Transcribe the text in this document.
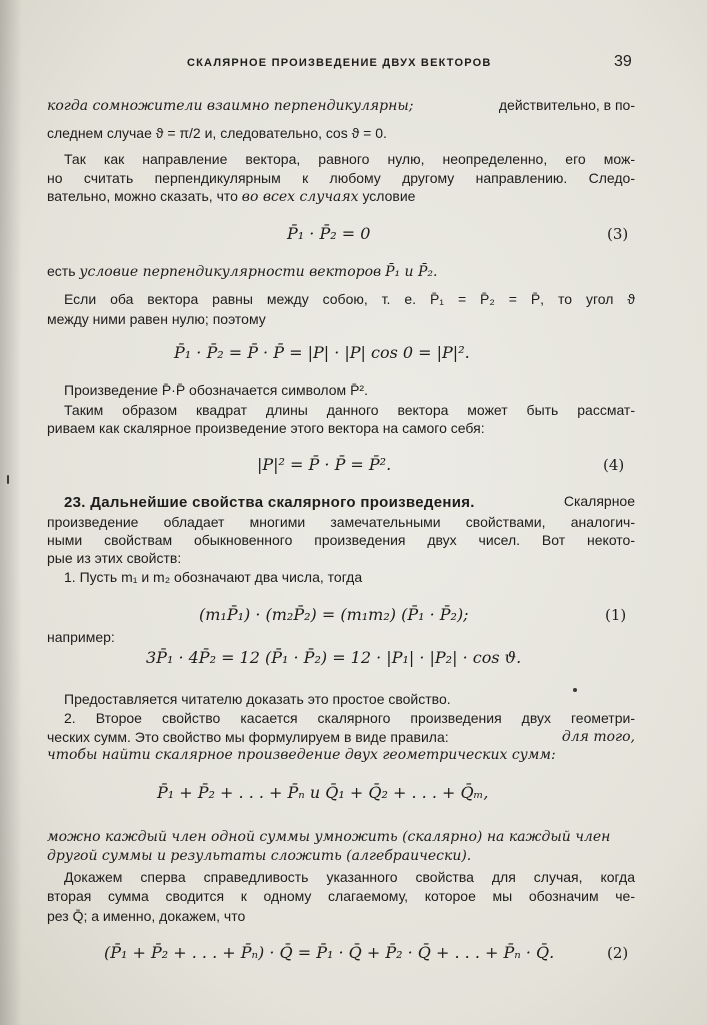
СКАЛЯРНОЕ ПРОИЗВЕДЕНИЕ ДВУХ ВЕКТОРОВ	39
когда сомножители взаимно перпендикулярны;	действительно, в по-
следнем случае ϑ = π/2 и, следовательно, cos ϑ = 0.
Так как направление вектора, равного нулю, неопределенно, его мож-
но считать перпендикулярным к любому другому направлению. Следо-
вательно, можно сказать, что во всех случаях условие
P̄₁ · P̄₂ = 0	(3)
есть условие перпендикулярности векторов P̄₁ и P̄₂.
Если оба вектора равны между собою, т. е. P̄₁ = P̄₂ = P̄, то угол ϑ
между ними равен нулю; поэтому
P̄₁ · P̄₂ = P̄ · P̄ = |P| · |P| cos 0 = |P|².
Произведение P̄·P̄ обозначается символом P̄².
Таким образом квадрат длины данного вектора может быть рассмат-
риваем как скалярное произведение этого вектора на самого себя:
|P|² = P̄ · P̄ = P̄².	(4)
23. Дальнейшие свойства скалярного произведения.	Скалярное
произведение обладает многими замечательными свойствами, аналогич-
ными свойствам обыкновенного произведения двух чисел. Вот некото-
рые из этих свойств:
1. Пусть m₁ и m₂ обозначают два числа, тогда
(m₁P̄₁) · (m₂P̄₂) = (m₁m₂) (P̄₁ · P̄₂);	(1)
например:
3P̄₁ · 4P̄₂ = 12 (P̄₁ · P̄₂) = 12 · |P₁| · |P₂| · cos ϑ.
Предоставляется читателю доказать это простое свойство.
2. Второе свойство касается скалярного произведения двух геометри-
ческих сумм. Это свойство мы формулируем в виде правила:	для того,
чтобы найти скалярное произведение двух геометрических сумм:
P̄₁ + P̄₂ + . . . + P̄ₙ и Q̄₁ + Q̄₂ + . . . + Q̄ₘ,
можно каждый член одной суммы умножить (скалярно) на каждый член
другой суммы и результаты сложить (алгебраически).
Докажем сперва справедливость указанного свойства для случая, когда
вторая сумма сводится к одному слагаемому, которое мы обозначим че-
рез Q̄; а именно, докажем, что
(P̄₁ + P̄₂ + . . . + P̄ₙ) · Q̄ = P̄₁ · Q̄ + P̄₂ · Q̄ + . . . + P̄ₙ · Q̄.	(2)
